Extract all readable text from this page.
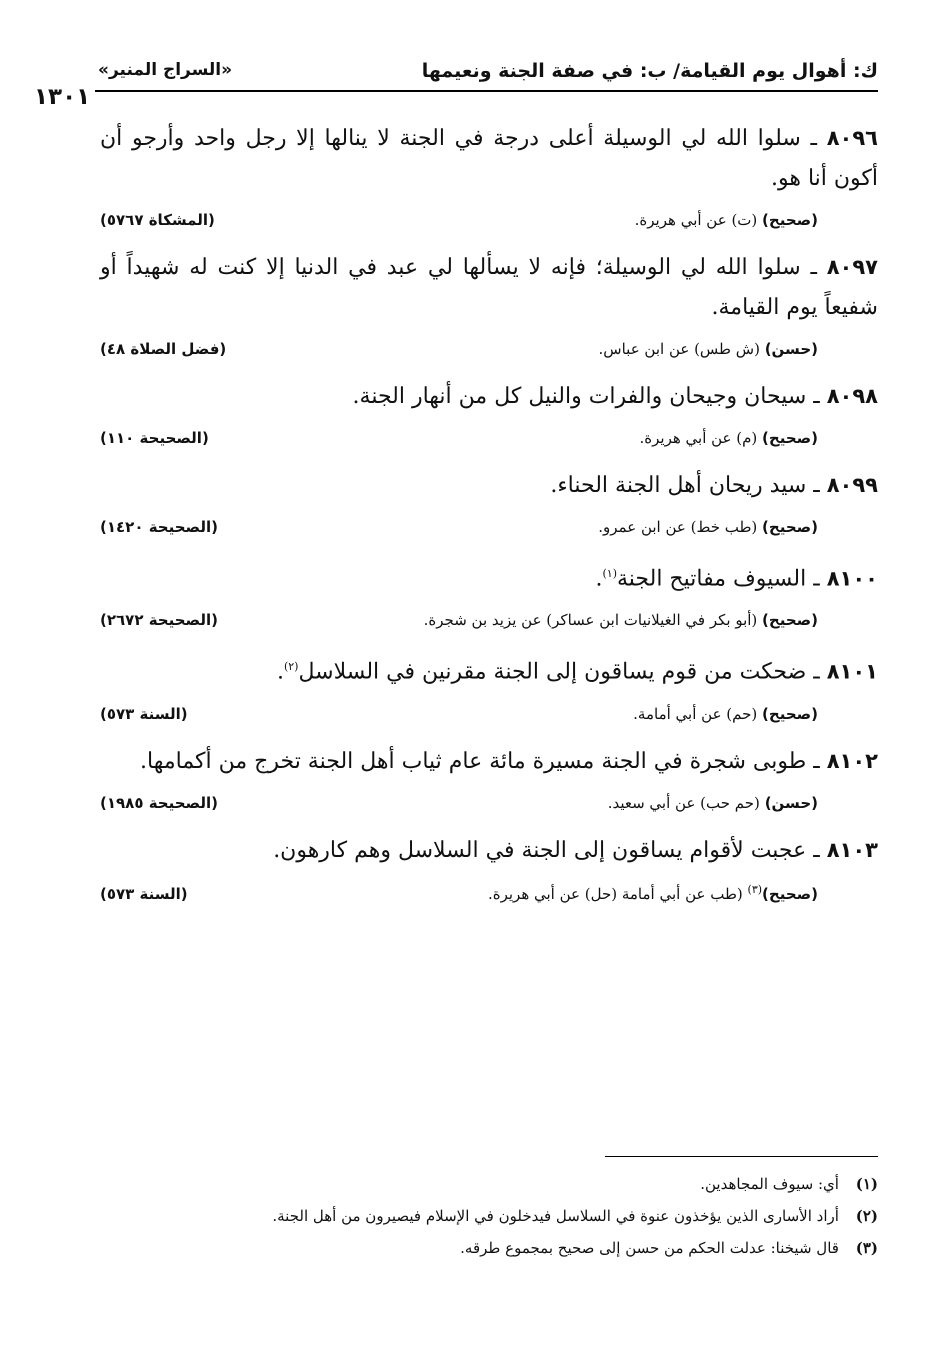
ك: أهوال يوم القيامة/ ب: في صفة الجنة ونعيمها
«السراج المنير»
١٣٠١
٨٠٩٦ ـ سلوا الله لي الوسيلة أعلى درجة في الجنة لا ينالها إلا رجل واحد وأرجو أن أكون أنا هو.
(صحيح) (ت) عن أبي هريرة.
(المشكاة ٥٧٦٧)
٨٠٩٧ ـ سلوا الله لي الوسيلة؛ فإنه لا يسألها لي عبد في الدنيا إلا كنت له شهيداً أو شفيعاً يوم القيامة.
(حسن) (ش طس) عن ابن عباس.
(فضل الصلاة ٤٨)
٨٠٩٨ ـ سيحان وجيحان والفرات والنيل كل من أنهار الجنة.
(صحيح) (م) عن أبي هريرة.
(الصحيحة ١١٠)
٨٠٩٩ ـ سيد ريحان أهل الجنة الحناء.
(صحيح) (طب خط) عن ابن عمرو.
(الصحيحة ١٤٢٠)
٨١٠٠ ـ السيوف مفاتيح الجنة$^{(١)}$.
(صحيح) (أبو بكر في الغيلانيات ابن عساكر) عن يزيد بن شجرة.
(الصحيحة ٢٦٧٢)
٨١٠١ ـ ضحكت من قوم يساقون إلى الجنة مقرنين في السلاسل$^{(٢)}$.
(صحيح) (حم) عن أبي أمامة.
(السنة ٥٧٣)
٨١٠٢ ـ طوبى شجرة في الجنة مسيرة مائة عام ثياب أهل الجنة تخرج من أكمامها.
(حسن) (حم حب) عن أبي سعيد.
(الصحيحة ١٩٨٥)
٨١٠٣ ـ عجبت لأقوام يساقون إلى الجنة في السلاسل وهم كارهون.
(صحيح)$^{(٣)}$ (طب عن أبي أمامة (حل) عن أبي هريرة.
(السنة ٥٧٣)
(١) أي: سيوف المجاهدين.
(٢) أراد الأسارى الذين يؤخذون عنوة في السلاسل فيدخلون في الإسلام فيصيرون من أهل الجنة.
(٣) قال شيخنا: عدلت الحكم من حسن إلى صحيح بمجموع طرقه.
